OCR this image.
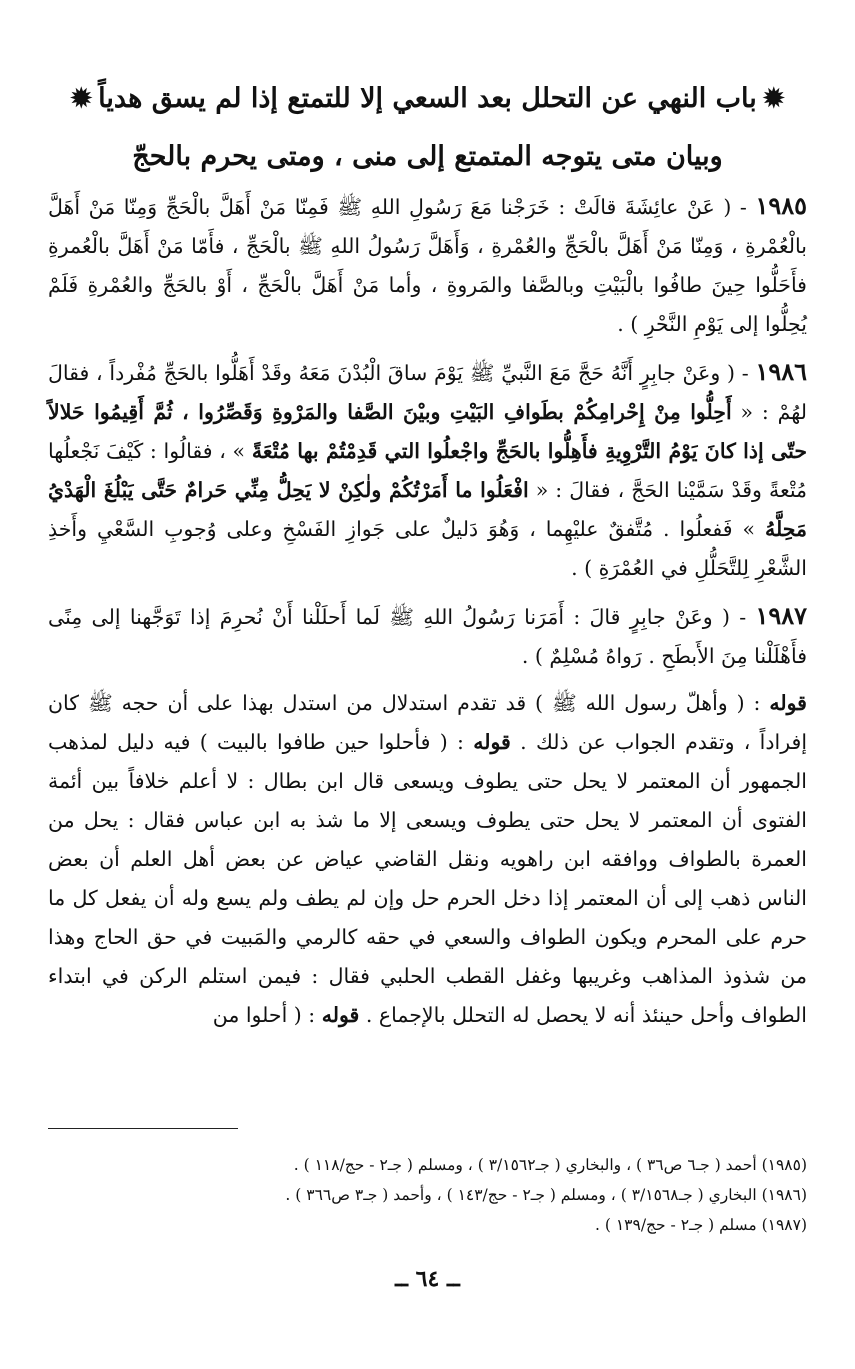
✹باب النهي عن التحلل بعد السعي إلا للتمتع إذا لم يسق هدياً✹
وبيان متى يتوجه المتمتع إلى منى ، ومتى يحرم بالحجّ

١٩٨٥ - ( عَنْ عائِشَةَ قالَتْ : خَرَجْنا مَعَ رَسُولِ اللهِ ﷺ فَمِنّا مَنْ أَهَلَّ بالْحَجِّ وَمِنّا مَنْ أَهَلَّ بالْعُمْرةِ ، وَمِنّا مَنْ أَهَلَّ بالْحَجِّ والعُمْرةِ ، وَأَهَلَّ رَسُولُ اللهِ ﷺ بالْحَجِّ ، فأَمّا مَنْ أَهَلَّ بالْعُمرةِ فأَحَلُّوا حِينَ طافُوا بالْبَيْتِ وبالصَّفا والمَروةِ ، وأما مَنْ أَهَلَّ بالْحَجِّ ، أَوْ بالحَجِّ والعُمْرةِ فَلَمْ يُحِلُّوا إلى يَوْمِ النَّحْرِ ) .

١٩٨٦ - ( وعَنْ جابِرٍ أَنَّهُ حَجَّ مَعَ النَّبيِّ ﷺ يَوْمَ ساقَ الْبُدْنَ مَعَهُ وقَدْ أَهَلُّوا بالحَجِّ مُفْرداً ، فقالَ لهُمْ : « أَحِلُّوا مِنْ إِحْرامِكُمْ بطَوافِ البَيْتِ وبيْنَ الصَّفا والمَرْوةِ وَقَصِّرُوا ، ثُمَّ أَقِيمُوا حَلالاً حتّى إذا كانَ يَوْمُ التَّرْوِيةِ فأَهِلُّوا بالحَجِّ واجْعلُوا التي قَدِمْتُمْ بها مُتْعَةً » ، فقالُوا : كَيْفَ نَجْعلُها مُتْعةً وقَدْ سَمَّيْنا الحَجَّ ، فقالَ : « افْعَلُوا ما أَمَرْتُكُمْ ولٰكِنْ لا يَحِلُّ مِنِّي حَرامٌ حَتَّى يَبْلُغَ الْهَدْيُ مَحِلَّهُ » فَفعلُوا . مُتَّفقٌ عليْهِما ، وَهُوَ دَليلٌ على جَوازِ الفَسْخِ وعلى وُجوبِ السَّعْيِ وأَخذِ الشَّعْرِ لِلتَّحَلُّلِ في العُمْرَةِ ) .

١٩٨٧ - ( وعَنْ جابِرٍ قالَ : أَمَرَنا رَسُولُ اللهِ ﷺ لَما أَحلَلْنا أَنْ نُحرِمَ إذا تَوَجَّهنا إلى مِنًى فأَهْلَلْنا مِنَ الأَبطَحِ . رَواهُ مُسْلِمٌ ) .

قوله : ( وأهلّ رسول الله ﷺ ) قد تقدم استدلال من استدل بهذا على أن حجه ﷺ كان إفراداً ، وتقدم الجواب عن ذلك . قوله : ( فأحلوا حين طافوا بالبيت ) فيه دليل لمذهب الجمهور أن المعتمر لا يحل حتى يطوف ويسعى قال ابن بطال : لا أعلم خلافاً بين أئمة الفتوى أن المعتمر لا يحل حتى يطوف ويسعى إلا ما شذ به ابن عباس فقال : يحل من العمرة بالطواف ووافقه ابن راهويه ونقل القاضي عياض عن بعض أهل العلم أن بعض الناس ذهب إلى أن المعتمر إذا دخل الحرم حل وإن لم يطف ولم يسع وله أن يفعل كل ما حرم على المحرم ويكون الطواف والسعي في حقه كالرمي والمَبيت في حق الحاج وهذا من شذوذ المذاهب وغريبها وغفل القطب الحلبي فقال : فيمن استلم الركن في ابتداء الطواف وأحل حينئذ أنه لا يحصل له التحلل بالإجماع . قوله : ( أحلوا من

(١٩٨٥) أحمد ( جـ٦ ص٣٦ ) ، والبخاري ( جـ٣/١٥٦٢ ) ، ومسلم ( جـ٢ - حج/١١٨ ) .
(١٩٨٦) البخاري ( جـ٣/١٥٦٨ ) ، ومسلم ( جـ٢ - حج/١٤٣ ) ، وأحمد ( جـ٣ ص٣٦٦ ) .
(١٩٨٧) مسلم ( جـ٢ - حج/١٣٩ ) .
ــ ٦٤ ــ
